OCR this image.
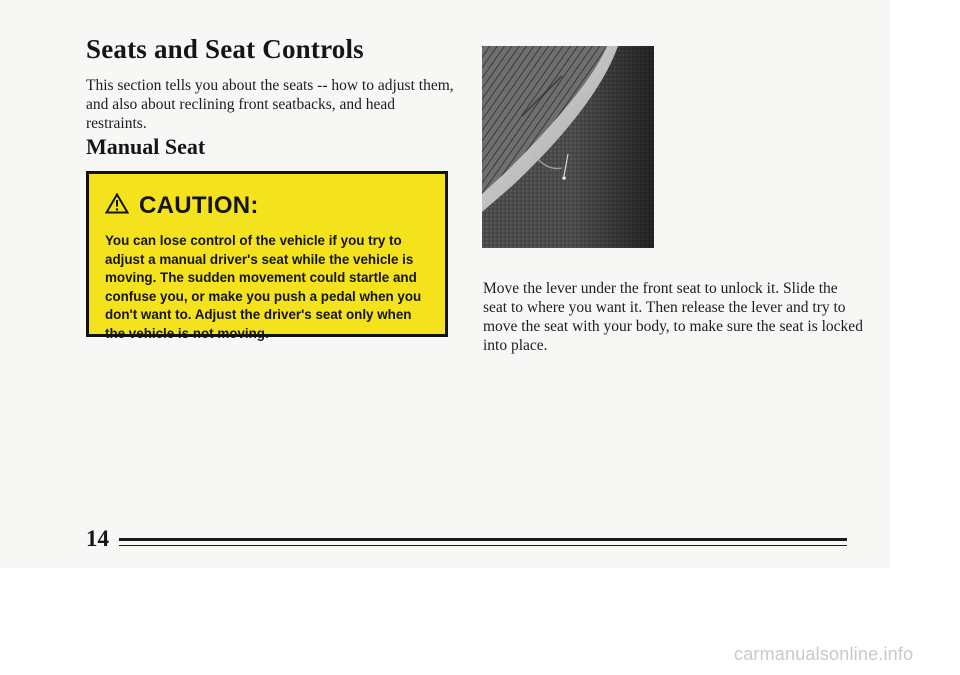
Seats and Seat Controls

This section tells you about the seats -- how to adjust them, and also about reclining front seatbacks, and head restraints.

Manual Seat
CAUTION:

You can lose control of the vehicle if you try to adjust a manual driver's seat while the vehicle is moving. The sudden movement could startle and confuse you, or make you push a pedal when you don't want to. Adjust the driver's seat only when the vehicle is not moving.

Move the lever under the front seat to unlock it. Slide the seat to where you want it. Then release the lever and try to move the seat with your body, to make sure the seat is locked into place.

14
carmanualsonline.info
